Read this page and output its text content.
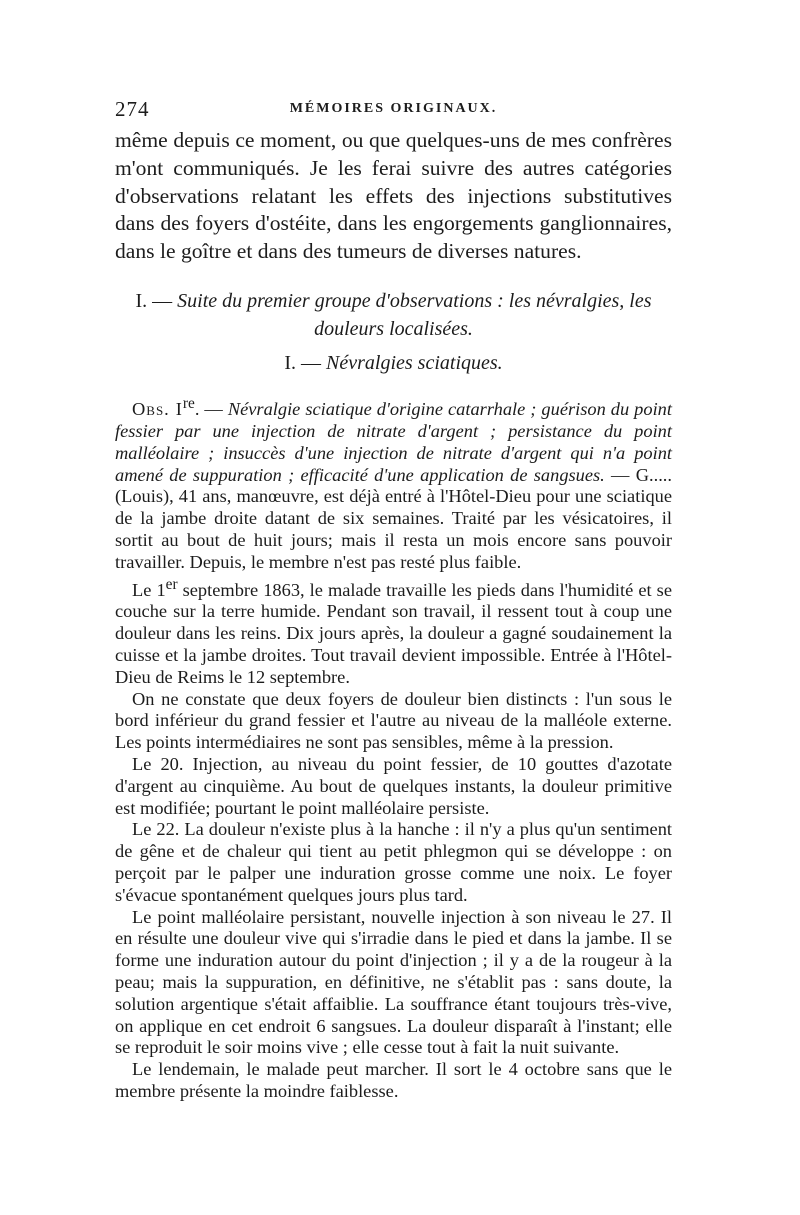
274	MÉMOIRES ORIGINAUX.

même depuis ce moment, ou que quelques-uns de mes confrères m'ont communiqués. Je les ferai suivre des autres catégories d'observations relatant les effets des injections substitutives dans des foyers d'ostéite, dans les engorgements ganglionnaires, dans le goître et dans des tumeurs de diverses natures.

I. — Suite du premier groupe d'observations : les névralgies, les douleurs localisées.

I. — Névralgies sciatiques.

Obs. Ire. — Névralgie sciatique d'origine catarrhale ; guérison du point fessier par une injection de nitrate d'argent ; persistance du point malléolaire ; insuccès d'une injection de nitrate d'argent qui n'a point amené de suppuration ; efficacité d'une application de sangsues. — G..... (Louis), 41 ans, manœuvre, est déjà entré à l'Hôtel-Dieu pour une sciatique de la jambe droite datant de six semaines. Traité par les vésicatoires, il sortit au bout de huit jours; mais il resta un mois encore sans pouvoir travailler. Depuis, le membre n'est pas resté plus faible.

Le 1er septembre 1863, le malade travaille les pieds dans l'humidité et se couche sur la terre humide. Pendant son travail, il ressent tout à coup une douleur dans les reins. Dix jours après, la douleur a gagné soudainement la cuisse et la jambe droites. Tout travail devient impossible. Entrée à l'Hôtel-Dieu de Reims le 12 septembre.

On ne constate que deux foyers de douleur bien distincts : l'un sous le bord inférieur du grand fessier et l'autre au niveau de la malléole externe. Les points intermédiaires ne sont pas sensibles, même à la pression.

Le 20. Injection, au niveau du point fessier, de 10 gouttes d'azotate d'argent au cinquième. Au bout de quelques instants, la douleur primitive est modifiée; pourtant le point malléolaire persiste.

Le 22. La douleur n'existe plus à la hanche : il n'y a plus qu'un sentiment de gêne et de chaleur qui tient au petit phlegmon qui se développe : on perçoit par le palper une induration grosse comme une noix. Le foyer s'évacue spontanément quelques jours plus tard.

Le point malléolaire persistant, nouvelle injection à son niveau le 27. Il en résulte une douleur vive qui s'irradie dans le pied et dans la jambe. Il se forme une induration autour du point d'injection ; il y a de la rougeur à la peau; mais la suppuration, en définitive, ne s'établit pas : sans doute, la solution argentique s'était affaiblie. La souffrance étant toujours très-vive, on applique en cet endroit 6 sangsues. La douleur disparaît à l'instant; elle se reproduit le soir moins vive ; elle cesse tout à fait la nuit suivante.

Le lendemain, le malade peut marcher. Il sort le 4 octobre sans que le membre présente la moindre faiblesse.
